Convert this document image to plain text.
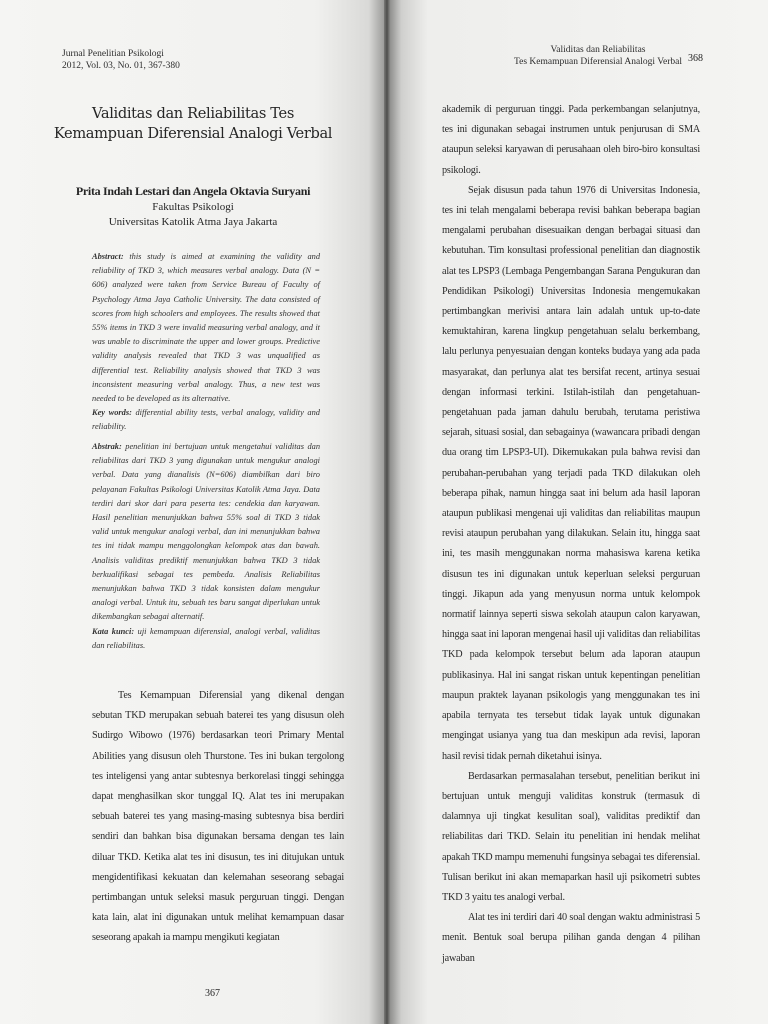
Jurnal Penelitian Psikologi
2012, Vol. 03, No. 01, 367-380
Validitas dan Reliabilitas Tes
Kemampuan Diferensial Analogi Verbal
Prita Indah Lestari dan Angela Oktavia Suryani
Fakultas Psikologi
Universitas Katolik Atma Jaya Jakarta
Abstract: this study is aimed at examining the validity and reliability of TKD 3, which measures verbal analogy. Data (N = 606) analyzed were taken from Service Bureau of Faculty of Psychology Atma Jaya Catholic University. The data consisted of scores from high schoolers and employees. The results showed that 55% items in TKD 3 were invalid measuring verbal analogy, and it was unable to discriminate the upper and lower groups. Predictive validity analysis revealed that TKD 3 was unqualified as differential test. Reliability analysis showed that TKD 3 was inconsistent measuring verbal analogy. Thus, a new test was needed to be developed as its alternative.
Key words: differential ability tests, verbal analogy, validity and reliability.
Abstrak: penelitian ini bertujuan untuk mengetahui validitas dan reliabilitas dari TKD 3 yang digunakan untuk mengukur analogi verbal. Data yang dianalisis (N=606) diambilkan dari biro pelayanan Fakultas Psikologi Universitas Katolik Atma Jaya. Data terdiri dari skor dari para peserta tes: cendekia dan karyawan. Hasil penelitian menunjukkan bahwa 55% soal di TKD 3 tidak valid untuk mengukur analogi verbal, dan ini menunjukkan bahwa tes ini tidak mampu menggolongkan kelompok atas dan bawah. Analisis validitas prediktif menunjukkan bahwa TKD 3 tidak berkualifikasi sebagai tes pembeda. Analisis Reliabilitas menunjukkan bahwa TKD 3 tidak konsisten dalam mengukur analogi verbal. Untuk itu, sebuah tes baru sangat diperlukan untuk dikembangkan sebagai alternatif.
Kata kunci: uji kemampuan diferensial, analogi verbal, validitas dan reliabilitas.

Tes Kemampuan Diferensial yang dikenal dengan sebutan TKD merupakan sebuah baterei tes yang disusun oleh Sudirgo Wibowo (1976) berdasarkan teori Primary Mental Abilities yang disusun oleh Thurstone. Tes ini bukan tergolong tes inteligensi yang antar subtesnya berkorelasi tinggi sehingga dapat menghasilkan skor tunggal IQ. Alat tes ini merupakan sebuah baterei tes yang masing-masing subtesnya bisa berdiri sendiri dan bahkan bisa digunakan bersama dengan tes lain diluar TKD. Ketika alat tes ini disusun, tes ini ditujukan untuk mengidentifikasi kekuatan dan kelemahan seseorang sebagai pertimbangan untuk seleksi masuk perguruan tinggi. Dengan kata lain, alat ini digunakan untuk melihat kemampuan dasar seseorang apakah ia mampu mengikuti kegiatan

367
Validitas dan Reliabilitas
Tes Kemampuan Diferensial Analogi Verbal 368

akademik di perguruan tinggi. Pada perkembangan selanjutnya, tes ini digunakan sebagai instrumen untuk penjurusan di SMA ataupun seleksi karyawan di perusahaan oleh biro-biro konsultasi psikologi.

Sejak disusun pada tahun 1976 di Universitas Indonesia, tes ini telah mengalami beberapa revisi bahkan beberapa bagian mengalami perubahan disesuaikan dengan berbagai situasi dan kebutuhan. Tim konsultasi professional penelitian dan diagnostik alat tes LPSP3 (Lembaga Pengembangan Sarana Pengukuran dan Pendidikan Psikologi) Universitas Indonesia mengemukakan pertimbangkan merivisi antara lain adalah untuk up-to-date kemuktahiran, karena lingkup pengetahuan selalu berkembang, lalu perlunya penyesuaian dengan konteks budaya yang ada pada masyarakat, dan perlunya alat tes bersifat recent, artinya sesuai dengan informasi terkini. Istilah-istilah dan pengetahuan-pengetahuan pada jaman dahulu berubah, terutama peristiwa sejarah, situasi sosial, dan sebagainya (wawancara pribadi dengan dua orang tim LPSP3-UI). Dikemukakan pula bahwa revisi dan perubahan-perubahan yang terjadi pada TKD dilakukan oleh beberapa pihak, namun hingga saat ini belum ada hasil laporan ataupun publikasi mengenai uji validitas dan reliabilitas maupun revisi ataupun perubahan yang dilakukan. Selain itu, hingga saat ini, tes masih menggunakan norma mahasiswa karena ketika disusun tes ini digunakan untuk keperluan seleksi perguruan tinggi. Jikapun ada yang menyusun norma untuk kelompok normatif lainnya seperti siswa sekolah ataupun calon karyawan, hingga saat ini laporan mengenai hasil uji validitas dan reliabilitas TKD pada kelompok tersebut belum ada laporan ataupun publikasinya. Hal ini sangat riskan untuk kepentingan penelitian maupun praktek layanan psikologis yang menggunakan tes ini apabila ternyata tes tersebut tidak layak untuk digunakan mengingat usianya yang tua dan meskipun ada revisi, laporan hasil revisi tidak pernah diketahui isinya.

Berdasarkan permasalahan tersebut, penelitian berikut ini bertujuan untuk menguji validitas konstruk (termasuk di dalamnya uji tingkat kesulitan soal), validitas prediktif dan reliabilitas dari TKD. Selain itu penelitian ini hendak melihat apakah TKD mampu memenuhi fungsinya sebagai tes diferensial. Tulisan berikut ini akan memaparkan hasil uji psikometri subtes TKD 3 yaitu tes analogi verbal.

Alat tes ini terdiri dari 40 soal dengan waktu administrasi 5 menit. Bentuk soal berupa pilihan ganda dengan 4 pilihan jawaban
